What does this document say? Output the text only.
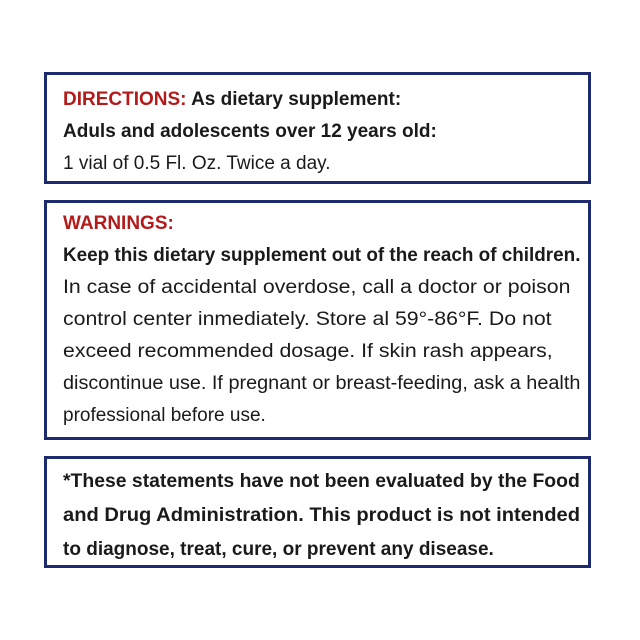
DIRECTIONS: As dietary supplement:
Aduls and adolescents over 12 years old:
1 vial of 0.5 Fl. Oz. Twice a day.
WARNINGS:
Keep this dietary supplement out of the reach of children.
In case of accidental overdose, call a doctor or poison
control center inmediately. Store al 59°-86°F. Do not
exceed recommended dosage. If skin rash appears,
discontinue use. If pregnant or breast-feeding, ask a health
professional before use.
*These statements have not been evaluated by the Food
and Drug Administration. This product is not intended
to diagnose, treat, cure, or prevent any disease.
